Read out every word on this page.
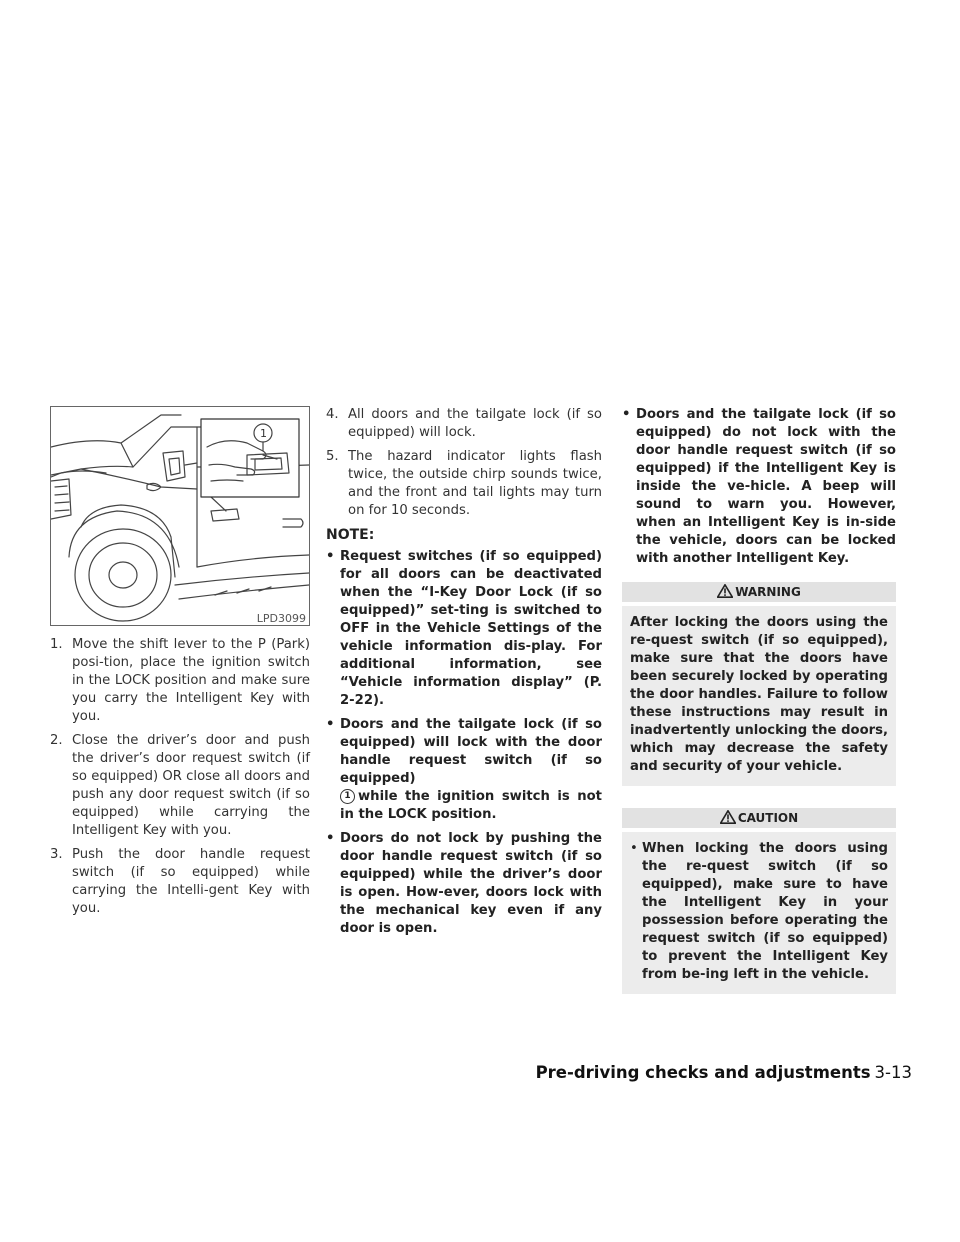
1
LPD3099
1. Move the shift lever to the P (Park) posi-tion, place the ignition switch in the LOCK position and make sure you carry the Intelligent Key with you.
2. Close the driver’s door and push the driver’s door request switch (if so equipped) OR close all doors and push any door request switch (if so equipped) while carrying the Intelligent Key with you.
3. Push the door handle request switch (if so equipped) while carrying the Intelli-gent Key with you.
4. All doors and the tailgate lock (if so equipped) will lock.
5. The hazard indicator lights flash twice, the outside chirp sounds twice, and the front and tail lights may turn on for 10 seconds.
NOTE:
• Request switches (if so equipped) for all doors can be deactivated when the “I-Key Door Lock (if so equipped)” set-ting is switched to OFF in the Vehicle Settings of the vehicle information dis-play. For additional information, see “Vehicle information display” (P. 2-22).
• Doors and the tailgate lock (if so equipped) will lock with the door handle request switch (if so equipped)
1 while the ignition switch is not in the LOCK position.
• Doors do not lock by pushing the door handle request switch (if so equipped) while the driver’s door is open. How-ever, doors lock with the mechanical key even if any door is open.
• Doors and the tailgate lock (if so equipped) do not lock with the door handle request switch (if so equipped) if the Intelligent Key is inside the ve-hicle. A beep will sound to warn you. However, when an Intelligent Key is in-side the vehicle, doors can be locked with another Intelligent Key.
WARNING
After locking the doors using the re-quest switch (if so equipped), make sure that the doors have been securely locked by operating the door handles. Failure to follow these instructions may result in inadvertently unlocking the doors, which may decrease the safety and security of your vehicle.
CAUTION
• When locking the doors using the re-quest switch (if so equipped), make sure to have the Intelligent Key in your possession before operating the request switch (if so equipped) to prevent the Intelligent Key from be-ing left in the vehicle.
Pre-driving checks and adjustments 3-13
